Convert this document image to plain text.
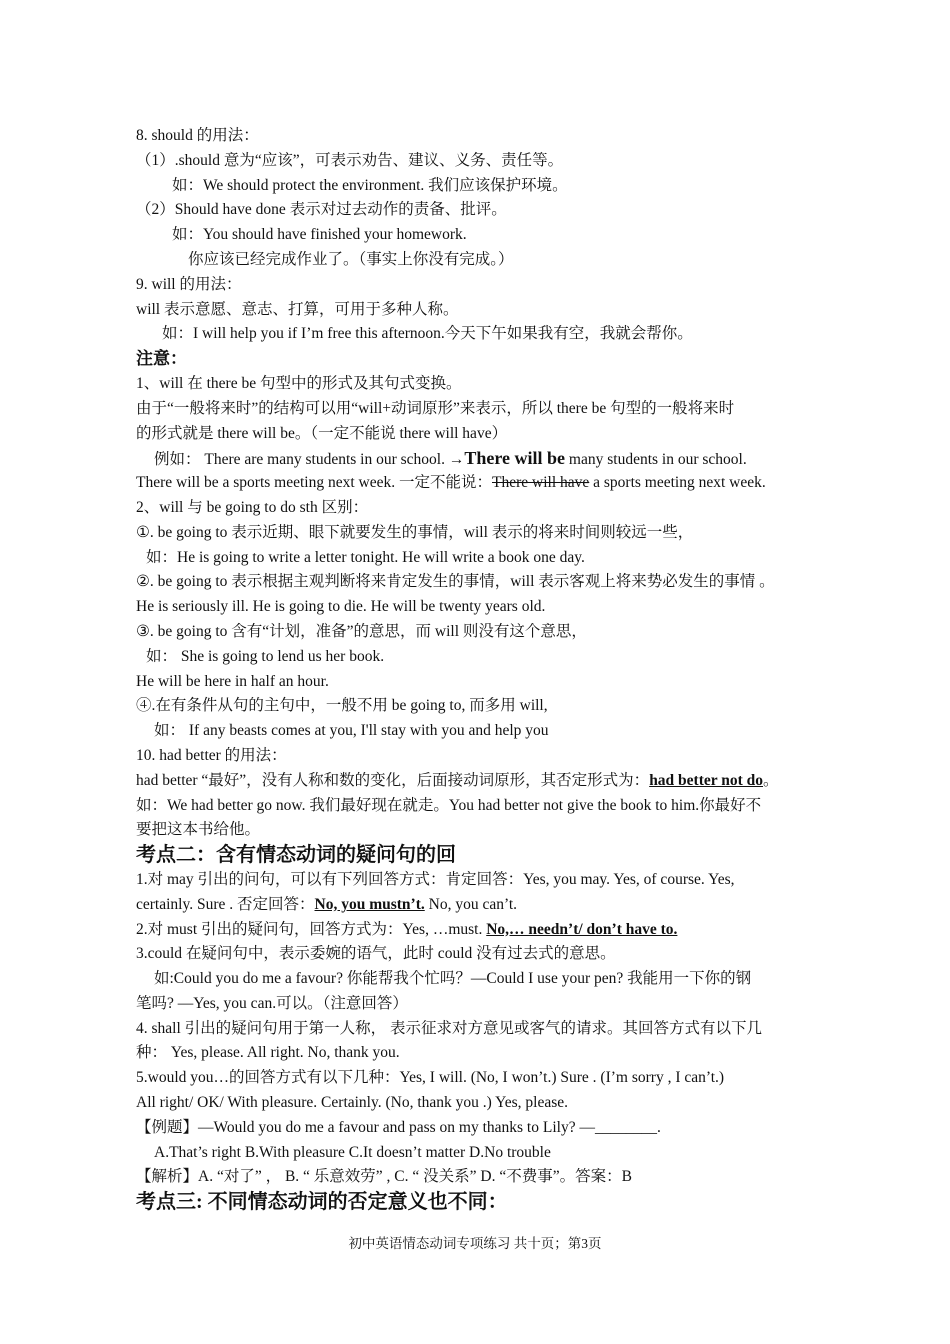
8. should 的用法：
（1）.should 意为“应该”，可表示劝告、建议、义务、责任等。
如：We should protect the environment. 我们应该保护环境。
（2）Should have done 表示对过去动作的责备、批评。
如：You should have finished your homework.
你应该已经完成作业了。（事实上你没有完成。）
9. will 的用法：
will 表示意愿、意志、打算，可用于多种人称。
如：I will help you if I’m free this afternoon.今天下午如果我有空，我就会帮你。
注意：
1、will 在 there be 句型中的形式及其句式变换。
由于“一般将来时”的结构可以用“will+动词原形”来表示，所以 there be 句型的一般将来时
的形式就是 there will be。（一定不能说 there will have）
例如： There are many students in our school. →There will be many students in our school.
There will be a sports meeting next week. 一定不能说：There will have a sports meeting next week.
2、will 与 be going to do sth 区别：
①. be going to 表示近期、眼下就要发生的事情，will 表示的将来时间则较远一些，
如：He is going to write a letter tonight. He will write a book one day.
②. be going to 表示根据主观判断将来肯定发生的事情，will 表示客观上将来势必发生的事情 。
He is seriously ill. He is going to die. He will be twenty years old.
③. be going to 含有“计划，准备”的意思，而 will 则没有这个意思，
如： She is going to lend us her book.
He will be here in half an hour.
④.在有条件从句的主句中，一般不用 be going to, 而多用 will,
如： If any beasts comes at you, I'll stay with you and help you
10. had better 的用法：
had better “最好”，没有人称和数的变化，后面接动词原形，其否定形式为：had better not do。
如：We had better go now. 我们最好现在就走。You had better not give the book to him.你最好不
要把这本书给他。
考点二：含有情态动词的疑问句的回
1.对 may 引出的问句，可以有下列回答方式：肯定回答：Yes, you may. Yes, of course. Yes,
certainly. Sure . 否定回答：No, you mustn’t. No, you can’t.
2.对 must 引出的疑问句，回答方式为：Yes, …must. No,… needn’t/ don’t have to.
3.could 在疑问句中，表示委婉的语气，此时 could 没有过去式的意思。
如:Could you do me a favour? 你能帮我个忙吗？—Could I use your pen? 我能用一下你的钢
笔吗? —Yes, you can.可以。（注意回答）
4. shall 引出的疑问句用于第一人称， 表示征求对方意见或客气的请求。其回答方式有以下几
种： Yes, please. All right. No, thank you.
5.would you…的回答方式有以下几种：Yes, I will. (No, I won’t.) Sure . (I’m sorry , I can’t.)
All right/ OK/ With pleasure. Certainly. (No, thank you .) Yes, please.
【例题】—Would you do me a favour and pass on my thanks to Lily? —________.
A.That’s right B.With pleasure C.It doesn’t matter D.No trouble
【解析】A. “对了” ， B. “ 乐意效劳” , C. “ 没关系” D. “不费事”。答案：B
考点三: 不同情态动词的否定意义也不同：
初中英语情态动词专项练习 共十页；第3页
